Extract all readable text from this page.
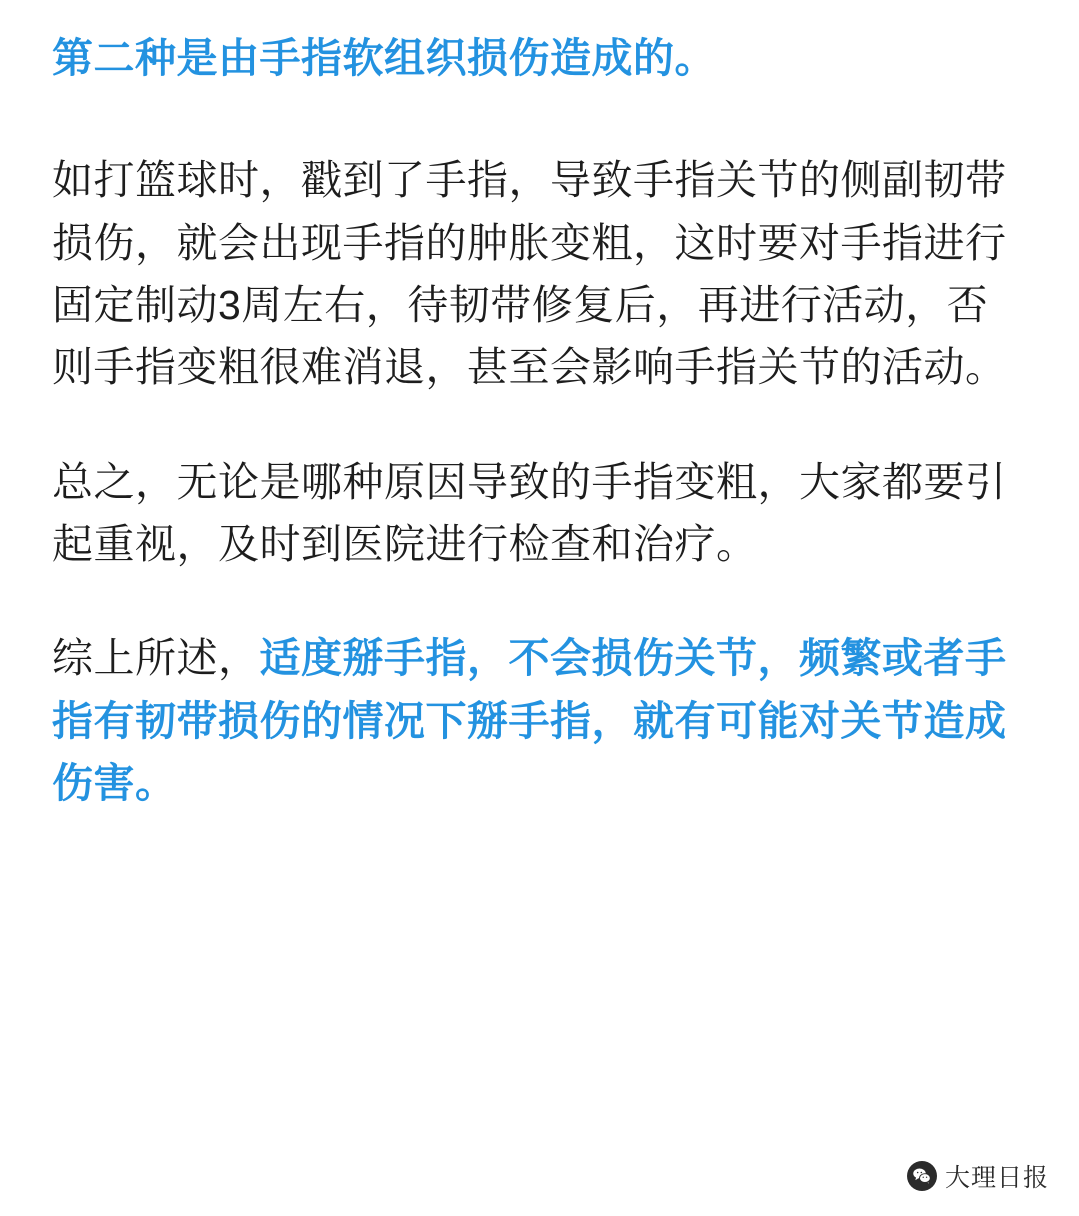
第二种是由手指软组织损伤造成的。

如打篮球时，戳到了手指，导致手指关节的侧副韧带损伤，就会出现手指的肿胀变粗，这时要对手指进行固定制动3周左右，待韧带修复后，再进行活动，否则手指变粗很难消退，甚至会影响手指关节的活动。

总之，无论是哪种原因导致的手指变粗，大家都要引起重视，及时到医院进行检查和治疗。

综上所述，适度掰手指，不会损伤关节，频繁或者手指有韧带损伤的情况下掰手指，就有可能对关节造成伤害。

大理日报
